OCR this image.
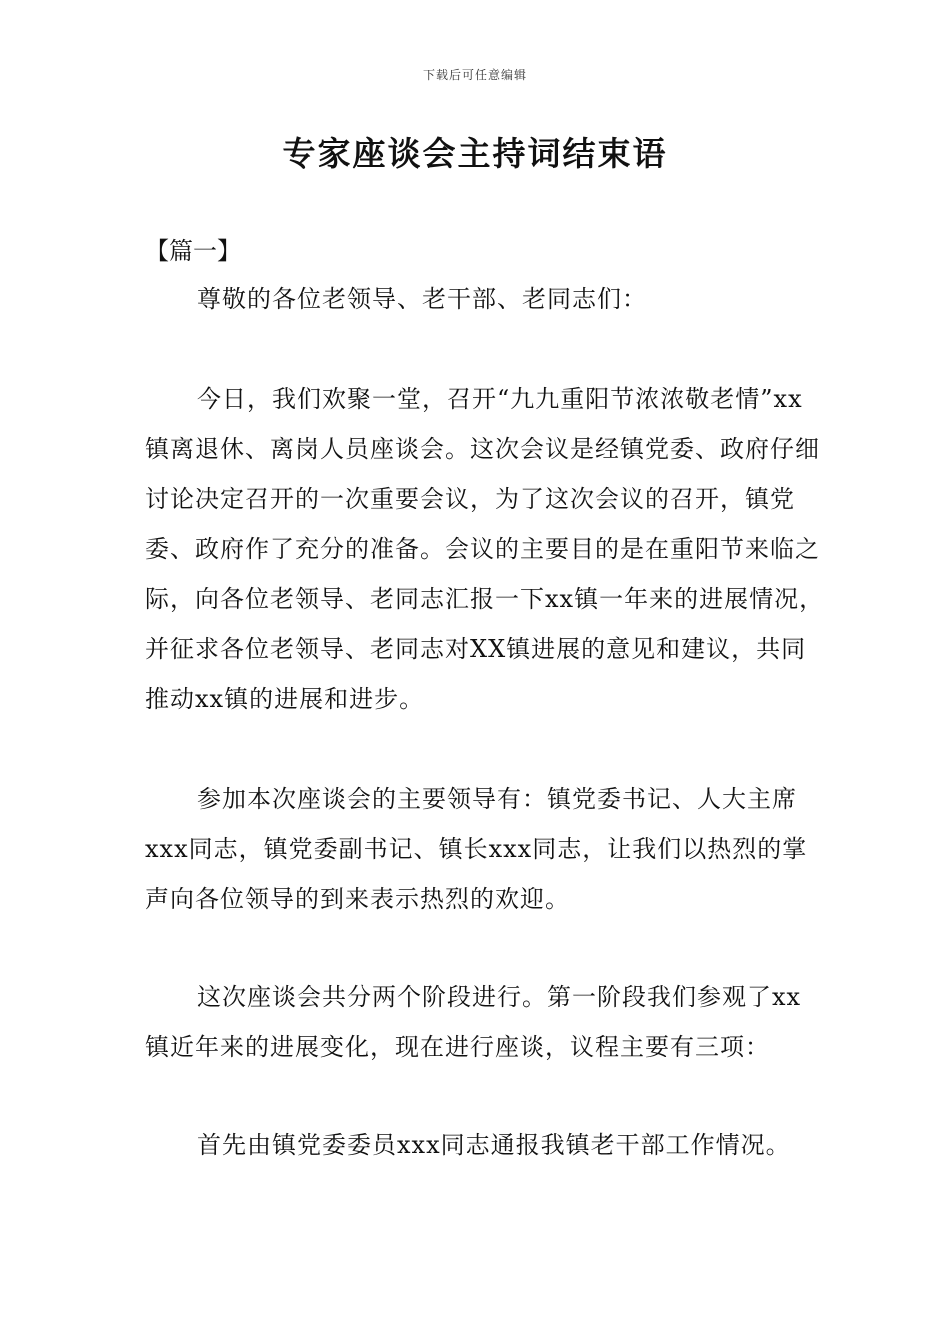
下载后可任意编辑
专家座谈会主持词结束语
【篇一】

尊敬的各位老领导、老干部、老同志们：

今日，我们欢聚一堂，召开“九九重阳节浓浓敬老情”xx镇离退休、离岗人员座谈会。这次会议是经镇党委、政府仔细讨论决定召开的一次重要会议，为了这次会议的召开，镇党委、政府作了充分的准备。会议的主要目的是在重阳节来临之际，向各位老领导、老同志汇报一下xx镇一年来的进展情况，并征求各位老领导、老同志对XX镇进展的意见和建议，共同推动xx镇的进展和进步。

参加本次座谈会的主要领导有：镇党委书记、人大主席xxx同志，镇党委副书记、镇长xxx同志，让我们以热烈的掌声向各位领导的到来表示热烈的欢迎。

这次座谈会共分两个阶段进行。第一阶段我们参观了xx镇近年来的进展变化，现在进行座谈，议程主要有三项：

首先由镇党委委员xxx同志通报我镇老干部工作情况。
